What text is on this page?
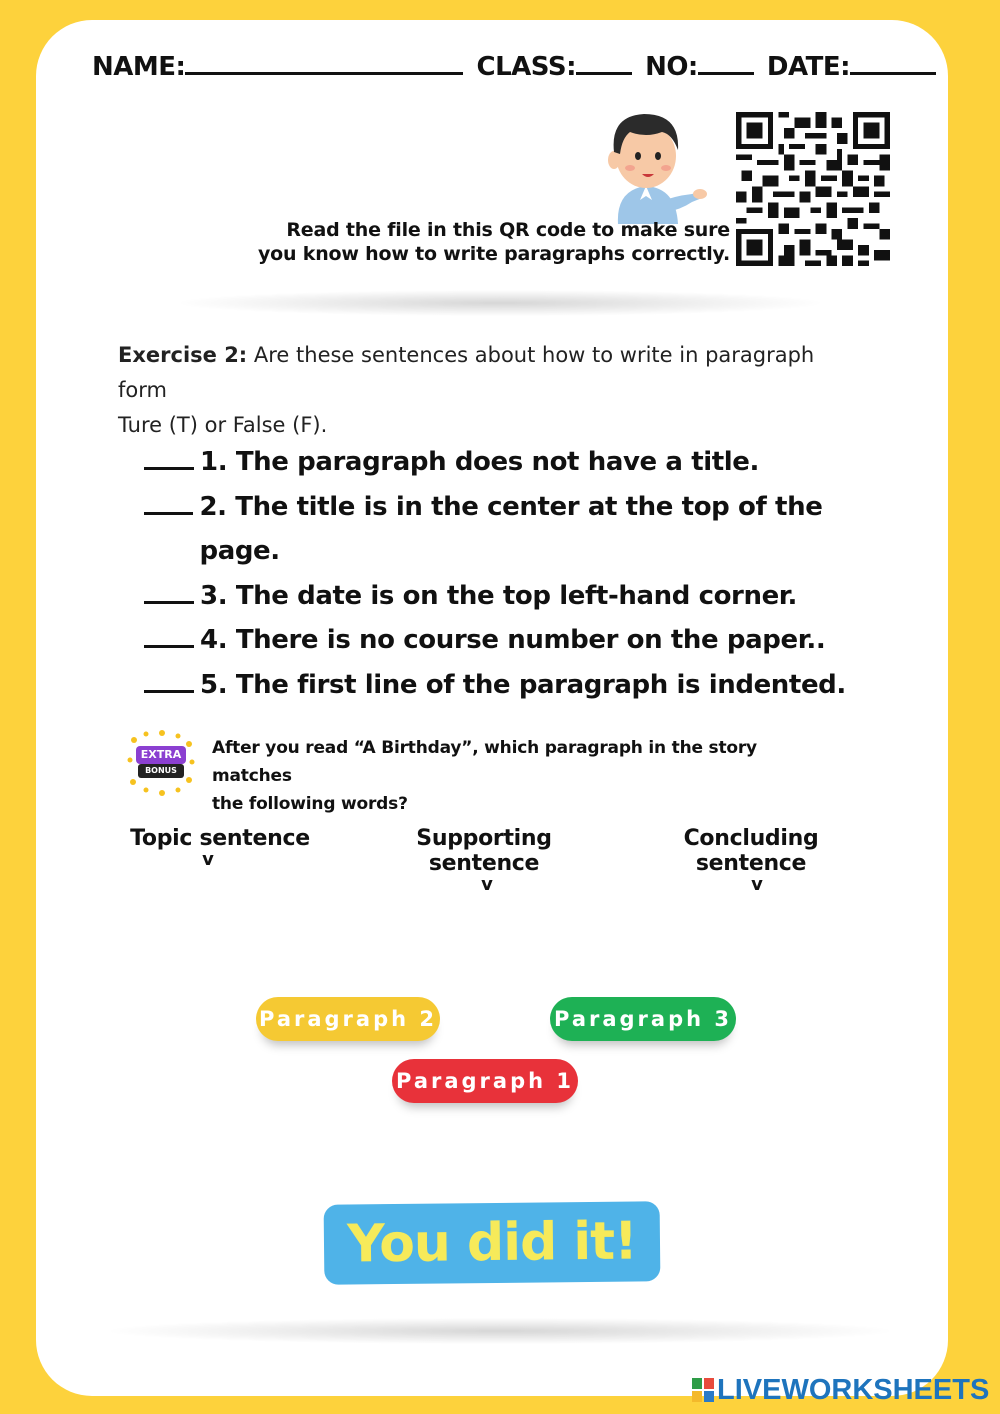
NAME:	CLASS:	NO:	DATE:
Read the file in this QR code to make sure
you know how to write paragraphs correctly.
Exercise 2: Are these sentences about how to write in paragraph form
Ture (T) or False (F).
1. The paragraph does not have a title.
2. The title is in the center at the top of the page.
3. The date is on the top left-hand corner.
4. There is no course number on the paper..
5. The first line of the paragraph is indented.
EXTRA
BONUS
After you read “A Birthday”, which paragraph in the story matches
the following words?
Topic sentence
v
Supporting sentence
v
Concluding sentence
v
Paragraph 2	Paragraph 3
Paragraph 1
You did it!
LIVEWORKSHEETS
